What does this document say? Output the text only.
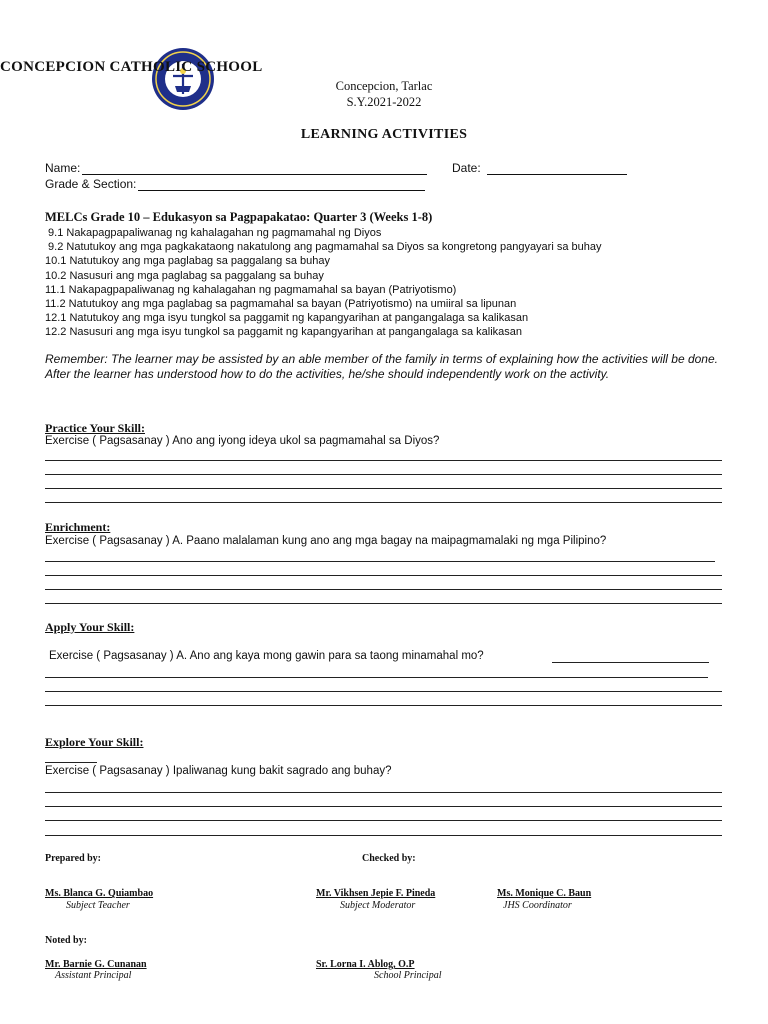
CONCEPCION CATHOLIC SCHOOL
Concepcion, Tarlac
S.Y.2021-2022
LEARNING ACTIVITIES
Name:	Date:
Grade & Section:
MELCs Grade 10 – Edukasyon sa Pagpapakatao: Quarter 3 (Weeks 1-8)
9.1 Nakapagpapaliwanag ng kahalagahan ng pagmamahal ng Diyos
9.2 Natutukoy ang mga pagkakataong nakatulong ang pagmamahal sa Diyos sa kongretong pangyayari sa buhay
10.1 Natutukoy ang mga paglabag sa paggalang sa buhay
10.2 Nasusuri ang mga paglabag sa paggalang sa buhay
11.1 Nakapagpapaliwanag ng kahalagahan ng pagmamahal sa bayan (Patriyotismo)
11.2 Natutukoy ang mga paglabag sa pagmamahal sa bayan (Patriyotismo) na umiiral sa lipunan
12.1 Natutukoy ang mga isyu tungkol sa paggamit ng kapangyarihan at pangangalaga sa kalikasan
12.2 Nasusuri ang mga isyu tungkol sa paggamit ng kapangyarihan at pangangalaga sa kalikasan
Remember: The learner may be assisted by an able member of the family in terms of explaining how the activities will be done. After the learner has understood how to do the activities, he/she should independently work on the activity.
Practice Your Skill:
Exercise ( Pagsasanay ) Ano ang iyong ideya ukol sa pagmamahal sa Diyos?
Enrichment:
Exercise ( Pagsasanay ) A. Paano malalaman kung ano ang mga bagay na maipagmamalaki ng mga Pilipino?
Apply Your Skill:
Exercise ( Pagsasanay ) A. Ano ang kaya mong gawin para sa taong minamahal mo?
Explore Your Skill:
Exercise ( Pagsasanay ) Ipaliwanag kung bakit sagrado ang buhay?
Prepared by:	Checked by:
Ms. Blanca G. Quiambao
Subject Teacher
Mr. Vikhsen Jepie F. Pineda
Subject Moderator
Ms. Monique C. Baun
JHS Coordinator
Noted by:
Mr. Barnie G. Cunanan
Assistant Principal
Sr. Lorna I. Ablog, O.P
School Principal
